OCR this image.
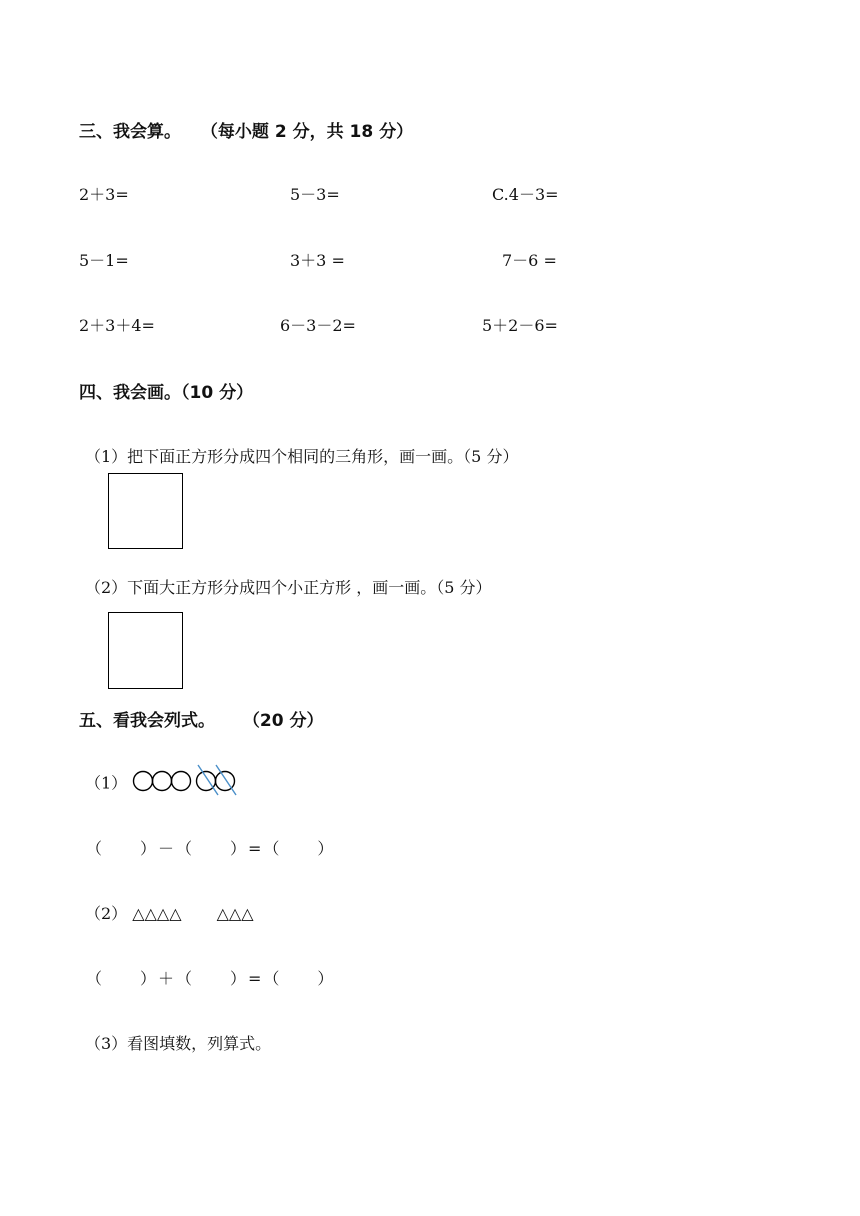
三、我会算。 （每小题 2 分，共 18 分）
2＋3=	5－3=	C.4－3=
5－1=	3＋3 =	7－6 =
2＋3＋4=	6－3－2=	5＋2－6=
四、我会画。（10 分）
（1）把下面正方形分成四个相同的三角形，画一画。（5 分）
（2）下面大正方形分成四个小正方形 ，画一画。（5 分）
五、看我会列式。 （20 分）
（1）
（　　）－（　　）=（　　）
（2） △△△△ △△△
（　　）＋（　　）=（　　）
（3）看图填数，列算式。
